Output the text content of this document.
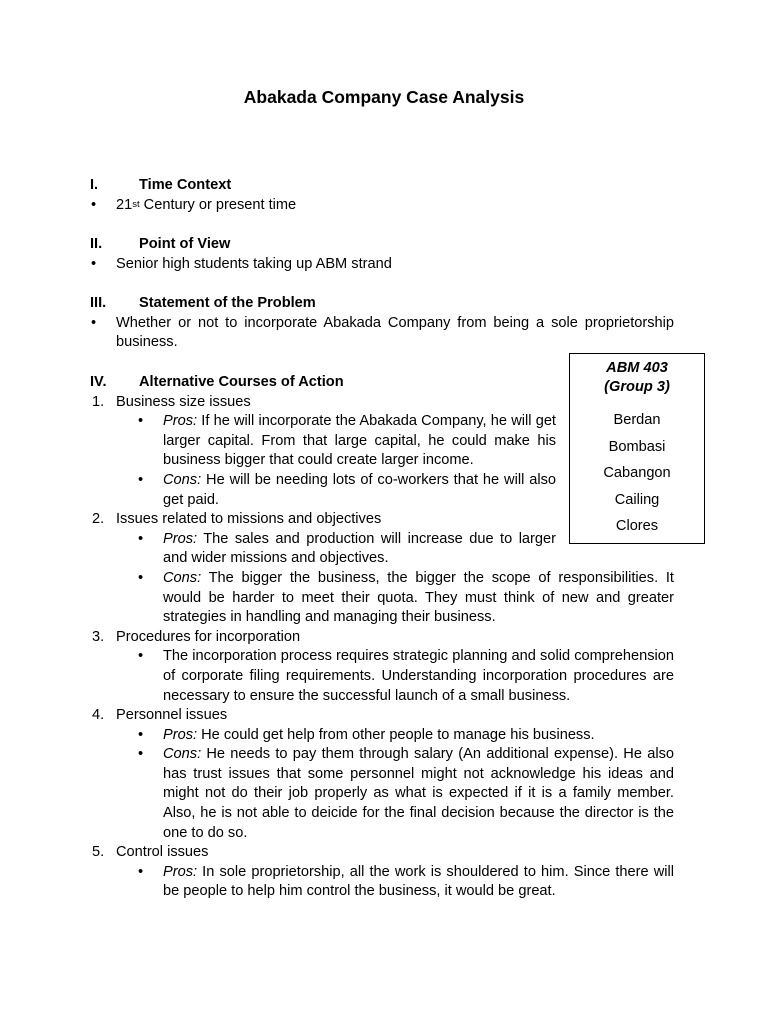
Abakada Company Case Analysis
I.	Time Context
• 21st Century or present time
II.	Point of View
• Senior high students taking up ABM strand
III. Statement of the Problem
• Whether or not to incorporate Abakada Company from being a sole proprietorship business.
IV. Alternative Courses of Action
1. Business size issues
• Pros: If he will incorporate the Abakada Company, he will get larger capital. From that large capital, he could make his business bigger that could create larger income.
• Cons: He will be needing lots of co-workers that he will also get paid.
2. Issues related to missions and objectives
• Pros: The sales and production will increase due to larger and wider missions and objectives.
• Cons: The bigger the business, the bigger the scope of responsibilities. It would be harder to meet their quota. They must think of new and greater strategies in handling and managing their business.
3. Procedures for incorporation
• The incorporation process requires strategic planning and solid comprehension of corporate filing requirements. Understanding incorporation procedures are necessary to ensure the successful launch of a small business.
4. Personnel issues
• Pros: He could get help from other people to manage his business.
• Cons: He needs to pay them through salary (An additional expense). He also has trust issues that some personnel might not acknowledge his ideas and might not do their job properly as what is expected if it is a family member. Also, he is not able to deicide for the final decision because the director is the one to do so.
5. Control issues
• Pros: In sole proprietorship, all the work is shouldered to him. Since there will be people to help him control the business, it would be great.
ABM 403
(Group 3)
Berdan
Bombasi
Cabangon
Cailing
Clores
